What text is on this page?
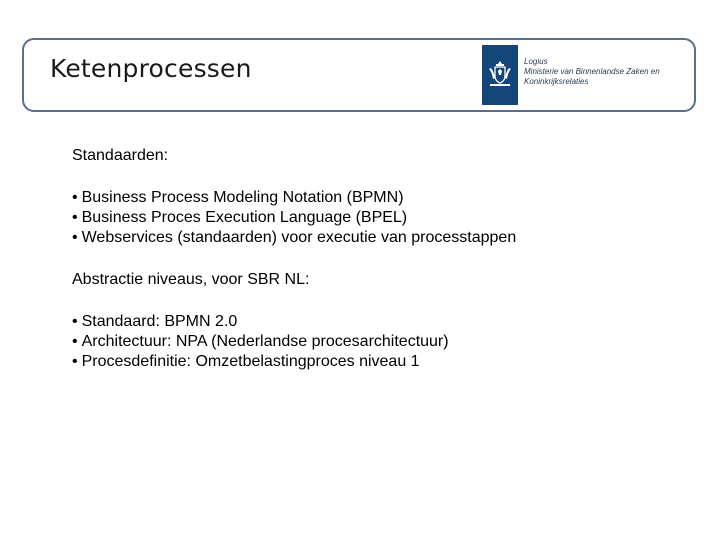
Ketenprocessen	Logius
Ministerie van Binnenlandse Zaken en
Koninkrijksrelaties
Standaarden:
• Business Process Modeling Notation (BPMN)
• Business Proces Execution Language (BPEL)
• Webservices (standaarden) voor executie van processtappen
Abstractie niveaus, voor SBR NL:
• Standaard: BPMN 2.0
• Architectuur: NPA (Nederlandse procesarchitectuur)
• Procesdefinitie: Omzetbelastingproces niveau 1
